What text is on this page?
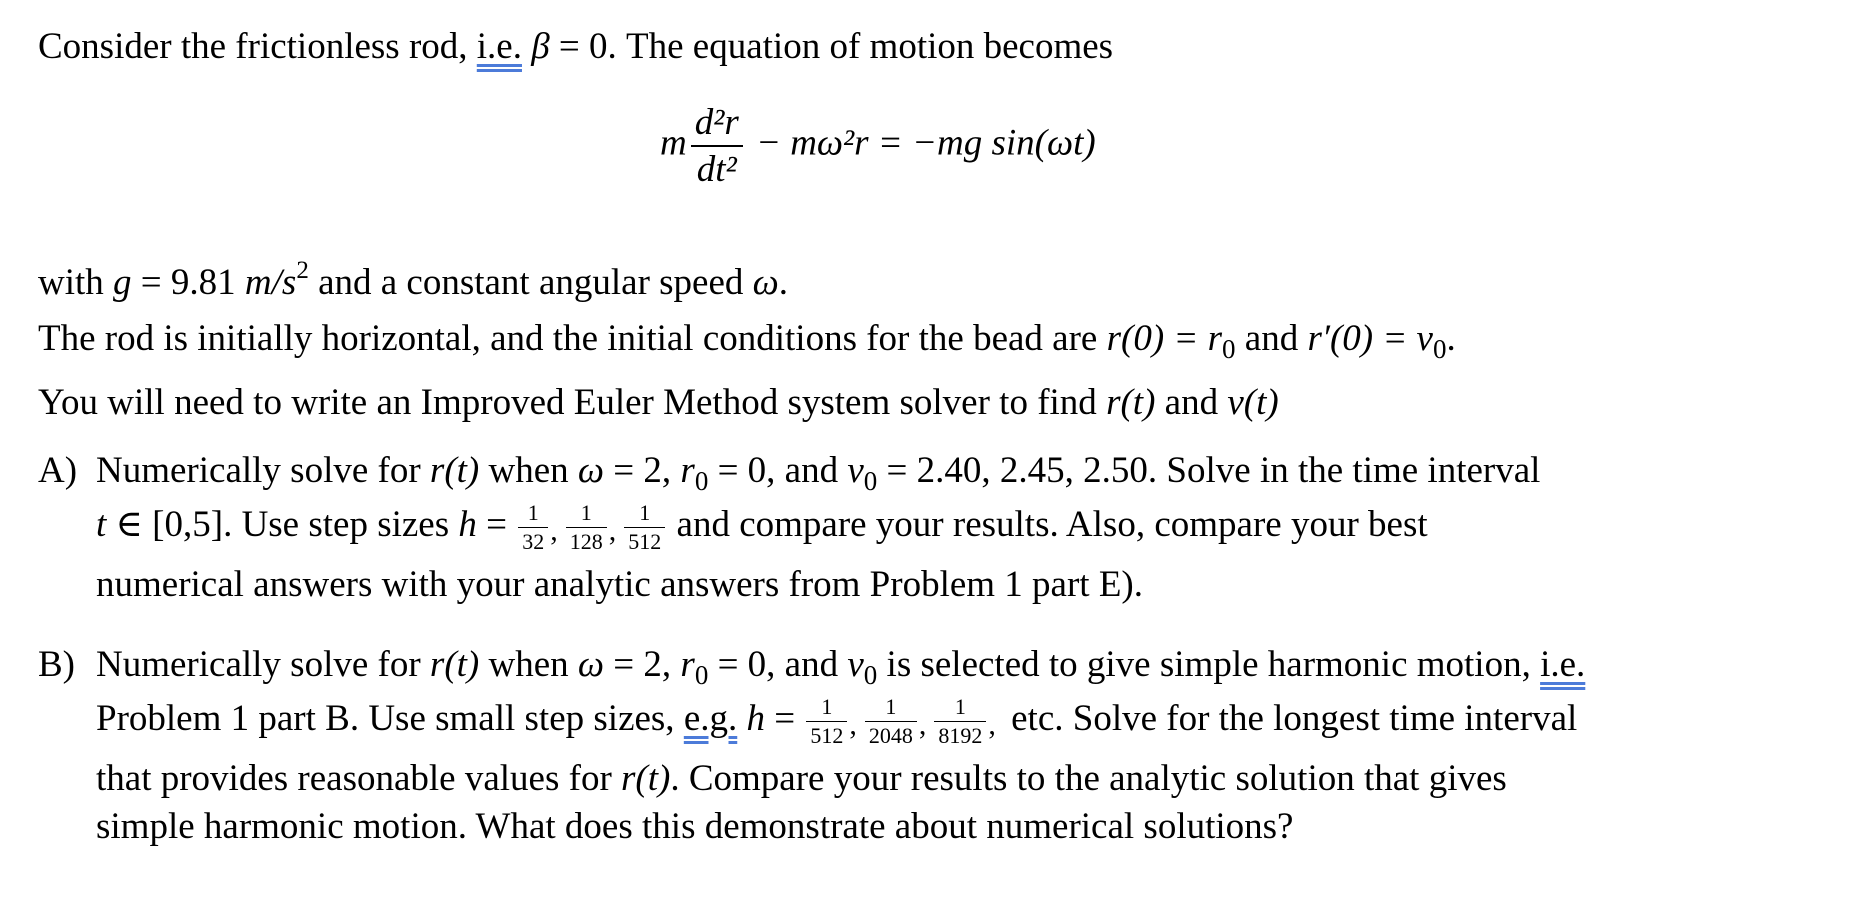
Consider the frictionless rod, i.e. β = 0. The equation of motion becomes
m $\frac{\text{d²r}}{\text{dt²}} - m\omega^2r = -mg$ sin(ωt)
with g = 9.81 $m/s^2$ and a constant angular speed ω.
The rod is initially horizontal, and the initial conditions for the bead are $r(0) = r_0$ and $r'(0) = v_0$.
You will need to write an Improved Euler Method system solver to find r(t) and v(t)
A) Numerically solve for r(t) when ω = 2, $r_0 = 0$, and $v_0 = 2.40$, 2.45, 2.50. Solve in the time interval
t ∈ [0,5]. Use step sizes $h = \frac{1}{32}$ , $\frac{1}{128}$ , $\frac{1}{512}$ and compare your results. Also, compare your best
numerical answers with your analytic answers from Problem 1 part E).
B) Numerically solve for r(t) when ω = 2, $r_0 = 0$, and $v_0$ is selected to give simple harmonic motion, i.e.
Problem 1 part B. Use small step sizes, e.g. $h = \frac{1}{512}$ , $\frac{1}{2048}$ , $\frac{1}{8192}$ , etc. Solve for the longest time interval
that provides reasonable values for r(t). Compare your results to the analytic solution that gives
simple harmonic motion. What does this demonstrate about numerical solutions?
